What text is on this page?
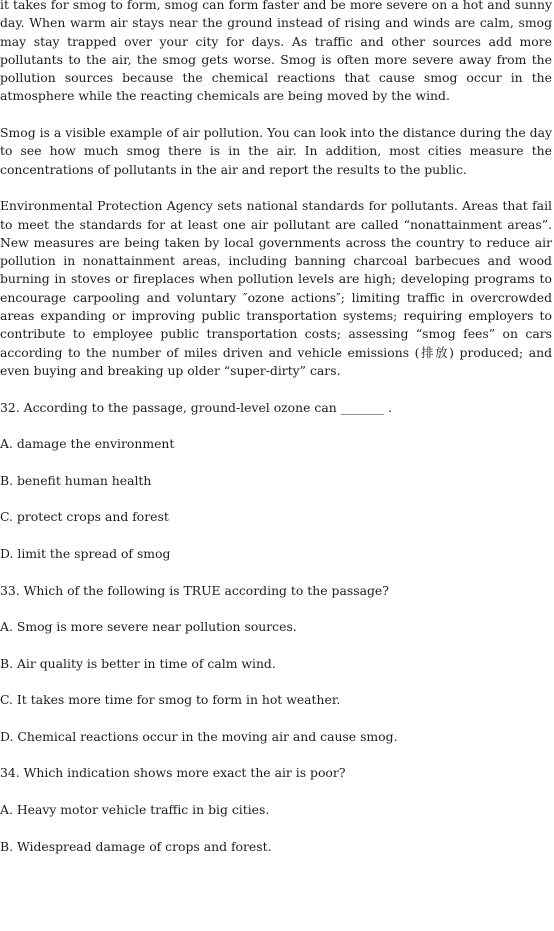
it takes for smog to form, smog can form faster and be more severe on a hot and sunny day. When warm air stays near the ground instead of rising and winds are calm, smog may stay trapped over your city for days. As traffic and other sources add more pollutants to the air, the smog gets worse. Smog is often more severe away from the pollution sources because the chemical reactions that cause smog occur in the atmosphere while the reacting chemicals are being moved by the wind.

Smog is a visible example of air pollution. You can look into the distance during the day to see how much smog there is in the air. In addition, most cities measure the concentrations of pollutants in the air and report the results to the public.

Environmental Protection Agency sets national standards for pollutants. Areas that fail to meet the standards for at least one air pollutant are called “nonattainment areas”. New measures are being taken by local governments across the country to reduce air pollution in nonattainment areas, including banning charcoal barbecues and wood burning in stoves or fireplaces when pollution levels are high; developing programs to encourage carpooling and voluntary ″ozone actions″; limiting traffic in overcrowded areas expanding or improving public transportation systems; requiring employers to contribute to employee public transportation costs; assessing “smog fees” on cars according to the number of miles driven and vehicle emissions (排放) produced; and even buying and breaking up older “super-dirty” cars.

32. According to the passage, ground-level ozone can _______ .

A. damage the environment

B. benefit human health

C. protect crops and forest

D. limit the spread of smog

33. Which of the following is TRUE according to the passage?

A. Smog is more severe near pollution sources.

B. Air quality is better in time of calm wind.

C. It takes more time for smog to form in hot weather.

D. Chemical reactions occur in the moving air and cause smog.

34. Which indication shows more exact the air is poor?

A. Heavy motor vehicle traffic in big cities.

B. Widespread damage of crops and forest.
